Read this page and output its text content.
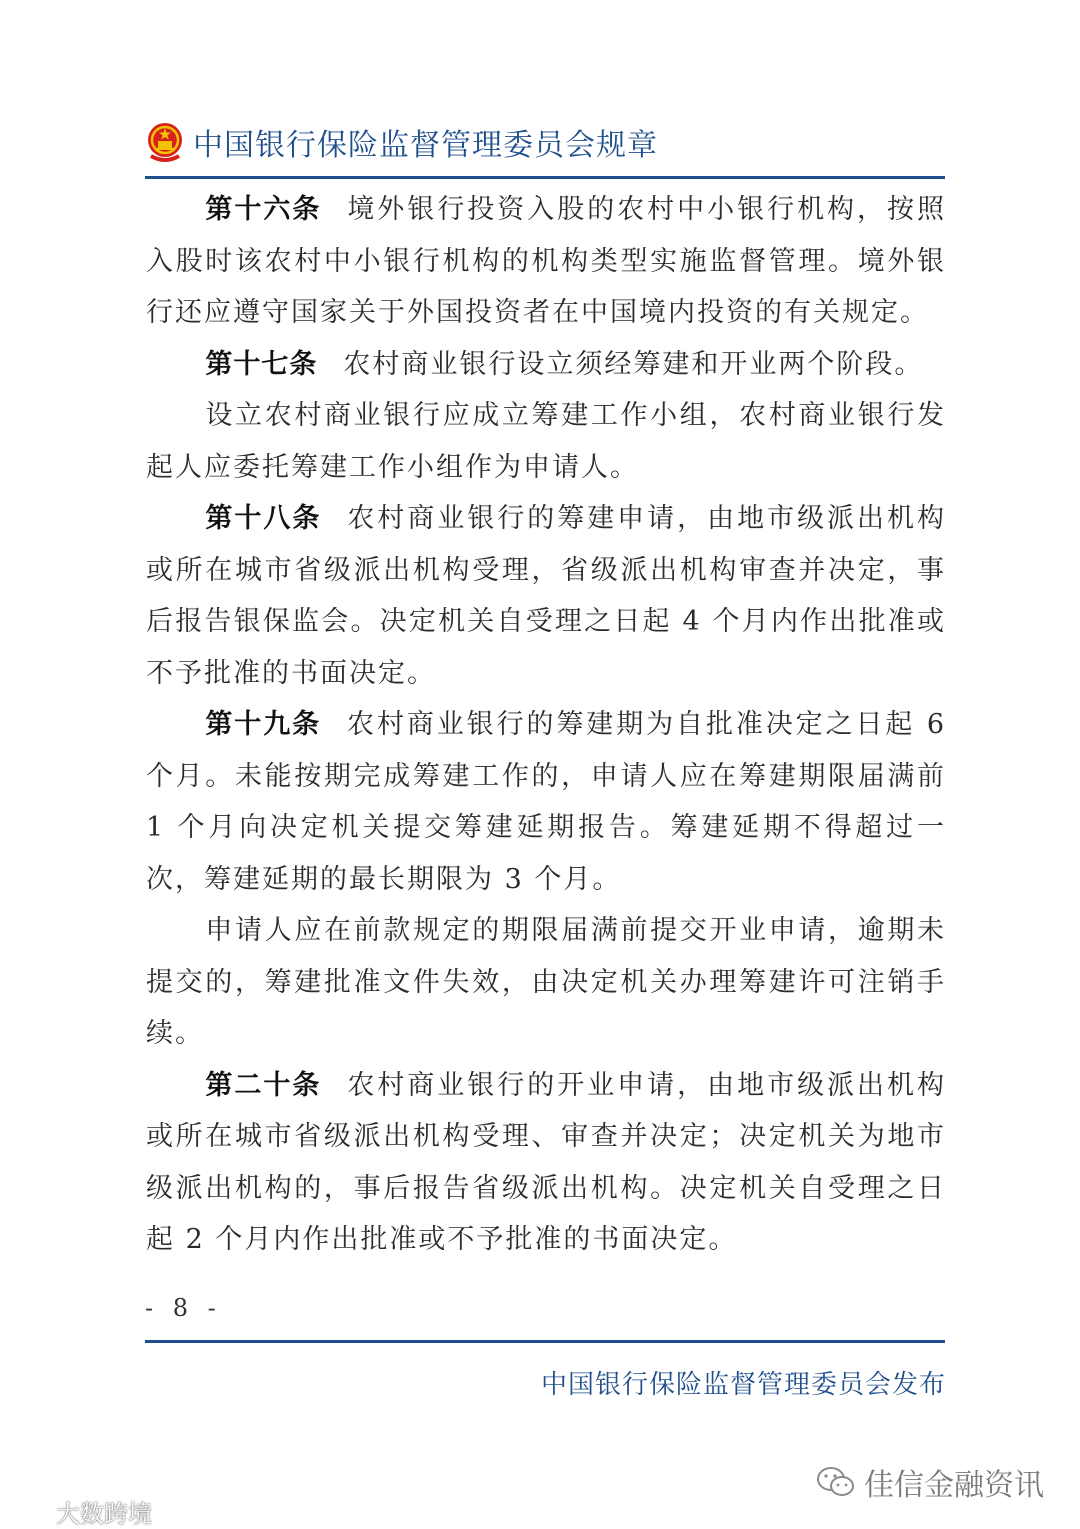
中国银行保险监督管理委员会规章

第十六条 境外银行投资入股的农村中小银行机构，按照入股时该农村中小银行机构的机构类型实施监督管理。境外银行还应遵守国家关于外国投资者在中国境内投资的有关规定。

第十七条 农村商业银行设立须经筹建和开业两个阶段。

设立农村商业银行应成立筹建工作小组，农村商业银行发起人应委托筹建工作小组作为申请人。

第十八条 农村商业银行的筹建申请，由地市级派出机构或所在城市省级派出机构受理，省级派出机构审查并决定，事后报告银保监会。决定机关自受理之日起 4 个月内作出批准或不予批准的书面决定。

第十九条 农村商业银行的筹建期为自批准决定之日起 6 个月。未能按期完成筹建工作的，申请人应在筹建期限届满前 1 个月向决定机关提交筹建延期报告。筹建延期不得超过一次，筹建延期的最长期限为 3 个月。

申请人应在前款规定的期限届满前提交开业申请，逾期未提交的，筹建批准文件失效，由决定机关办理筹建许可注销手续。

第二十条 农村商业银行的开业申请，由地市级派出机构或所在城市省级派出机构受理、审查并决定；决定机关为地市级派出机构的，事后报告省级派出机构。决定机关自受理之日起 2 个月内作出批准或不予批准的书面决定。

- 8 -
中国银行保险监督管理委员会发布
佳信金融资讯
大数跨境
